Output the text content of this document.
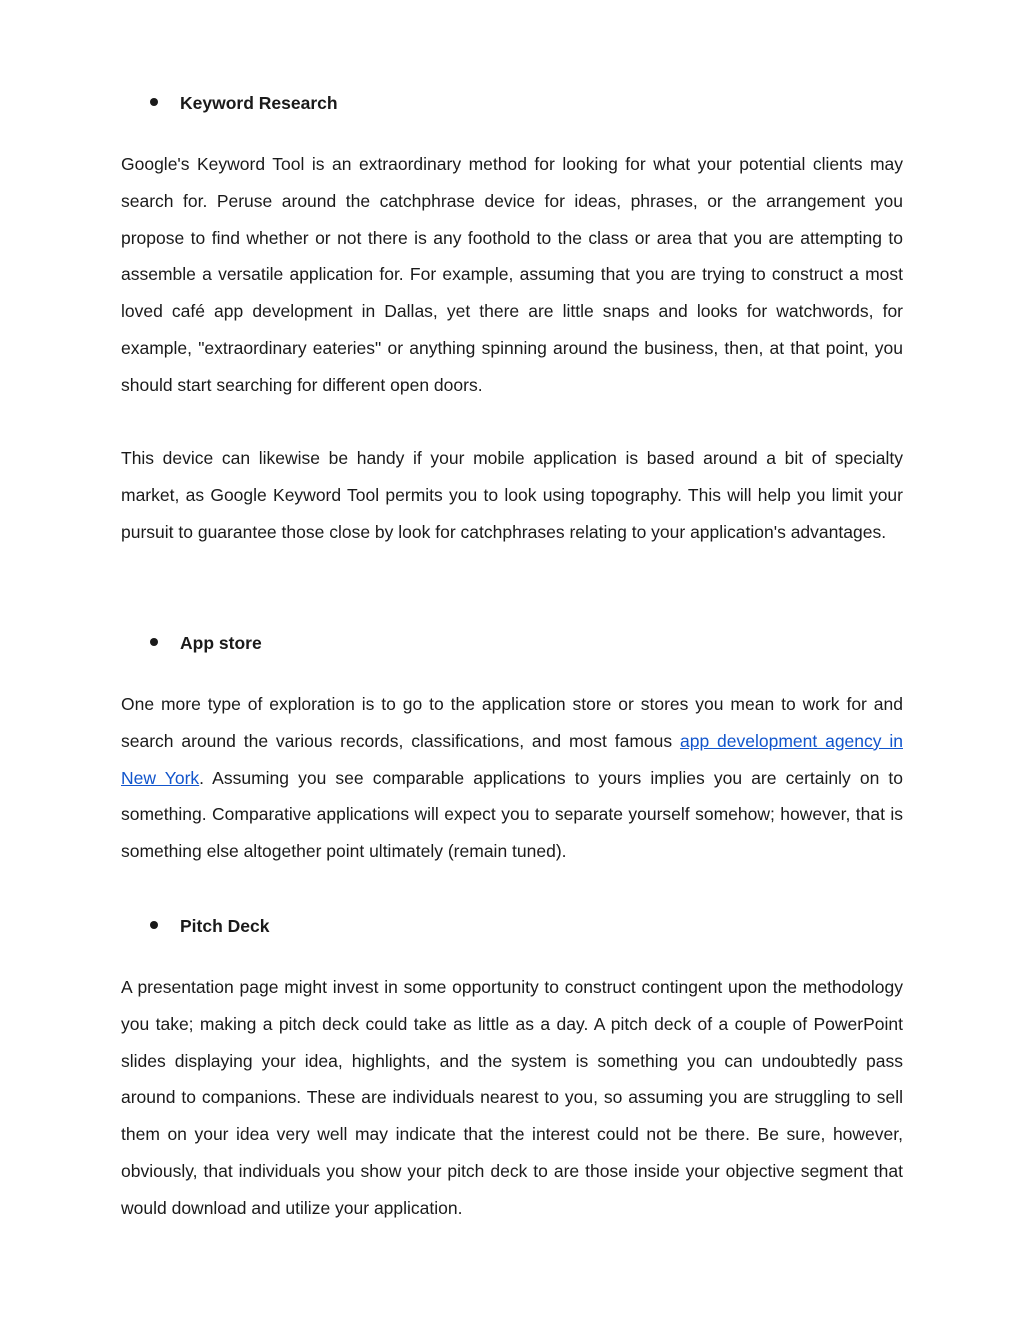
Keyword Research

Google's Keyword Tool is an extraordinary method for looking for what your potential clients may search for. Peruse around the catchphrase device for ideas, phrases, or the arrangement you propose to find whether or not there is any foothold to the class or area that you are attempting to assemble a versatile application for. For example, assuming that you are trying to construct a most loved café app development in Dallas, yet there are little snaps and looks for watchwords, for example, "extraordinary eateries" or anything spinning around the business, then, at that point, you should start searching for different open doors.

This device can likewise be handy if your mobile application is based around a bit of specialty market, as Google Keyword Tool permits you to look using topography. This will help you limit your pursuit to guarantee those close by look for catchphrases relating to your application's advantages.

App store

One more type of exploration is to go to the application store or stores you mean to work for and search around the various records, classifications, and most famous app development agency in New York. Assuming you see comparable applications to yours implies you are certainly on to something. Comparative applications will expect you to separate yourself somehow; however, that is something else altogether point ultimately (remain tuned).

Pitch Deck

A presentation page might invest in some opportunity to construct contingent upon the methodology you take; making a pitch deck could take as little as a day. A pitch deck of a couple of PowerPoint slides displaying your idea, highlights, and the system is something you can undoubtedly pass around to companions. These are individuals nearest to you, so assuming you are struggling to sell them on your idea very well may indicate that the interest could not be there. Be sure, however, obviously, that individuals you show your pitch deck to are those inside your objective segment that would download and utilize your application.
